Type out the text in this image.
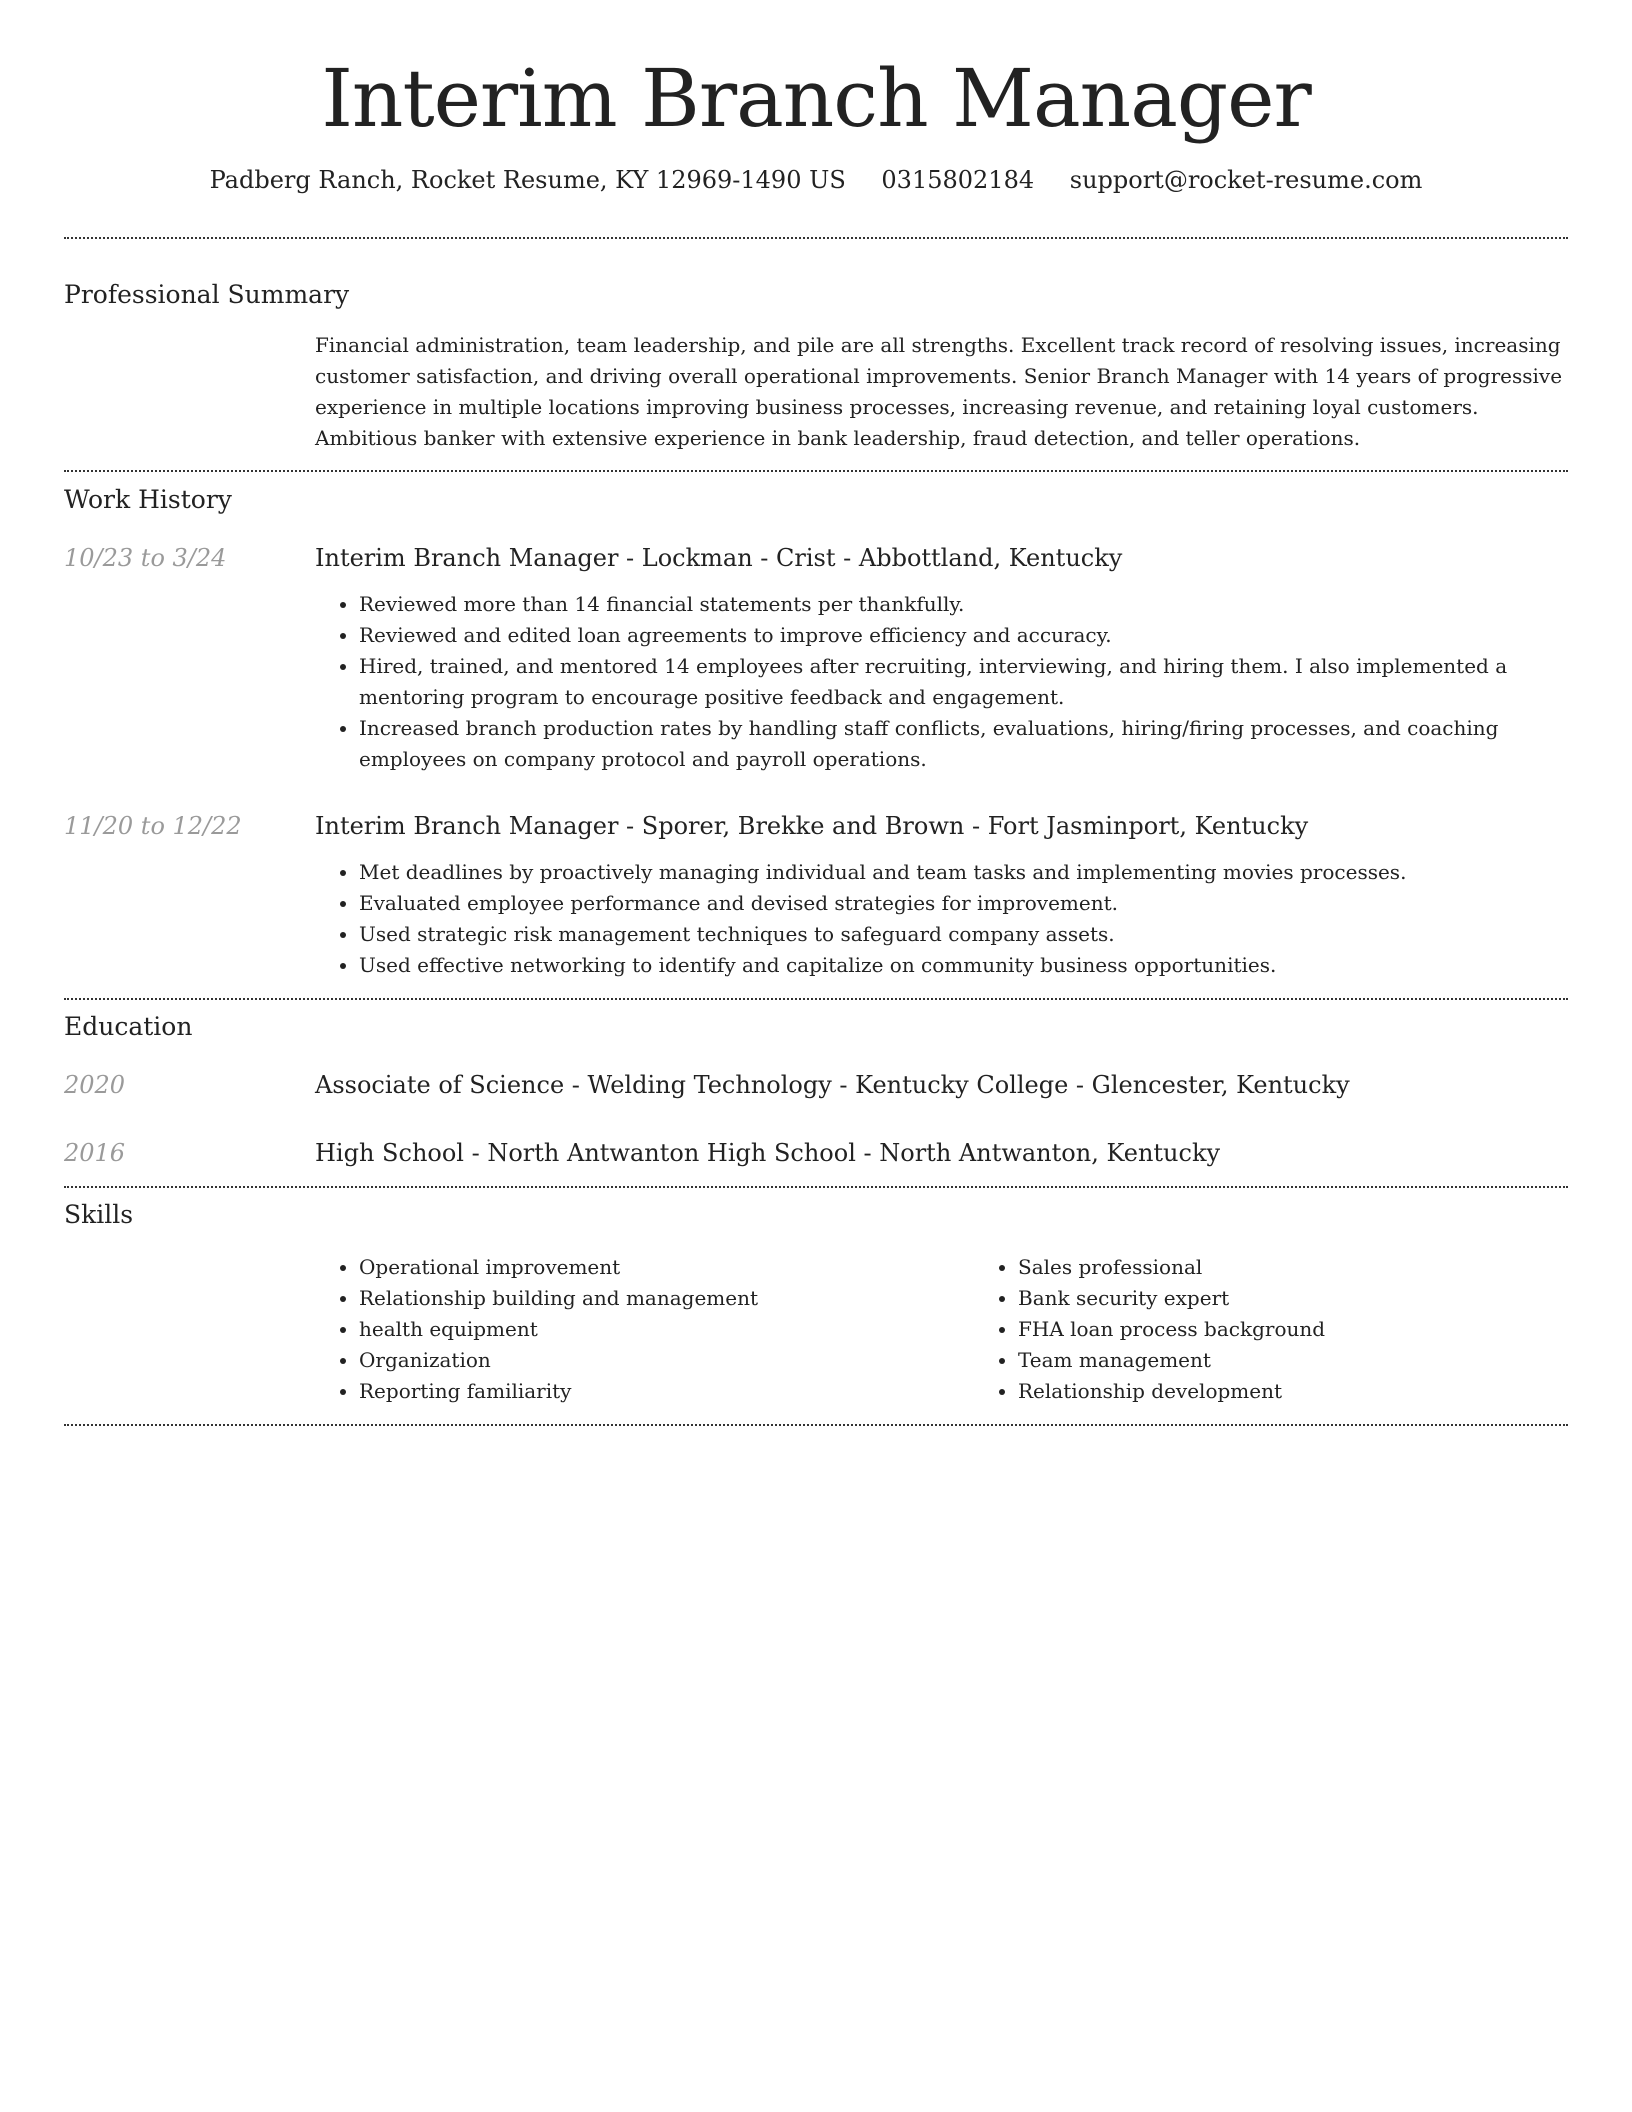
Interim Branch Manager
Padberg Ranch, Rocket Resume, KY 12969-1490 US 0315802184 support@rocket-resume.com
Professional Summary

Financial administration, team leadership, and pile are all strengths. Excellent track record of resolving issues, increasing customer satisfaction, and driving overall operational improvements. Senior Branch Manager with 14 years of progressive experience in multiple locations improving business processes, increasing revenue, and retaining loyal customers. Ambitious banker with extensive experience in bank leadership, fraud detection, and teller operations.

Work History
10/23 to 3/24	Interim Branch Manager - Lockman - Crist - Abbottland, Kentucky

• Reviewed more than 14 financial statements per thankfully.
• Reviewed and edited loan agreements to improve efficiency and accuracy.
• Hired, trained, and mentored 14 employees after recruiting, interviewing, and hiring them. I also implemented a mentoring program to encourage positive feedback and engagement.
• Increased branch production rates by handling staff conflicts, evaluations, hiring/firing processes, and coaching employees on company protocol and payroll operations.
11/20 to 12/22	Interim Branch Manager - Sporer, Brekke and Brown - Fort Jasminport, Kentucky

• Met deadlines by proactively managing individual and team tasks and implementing movies processes.
• Evaluated employee performance and devised strategies for improvement.
• Used strategic risk management techniques to safeguard company assets.
• Used effective networking to identify and capitalize on community business opportunities.
Education
2020	Associate of Science - Welding Technology - Kentucky College - Glencester, Kentucky

2016	High School - North Antwanton High School - North Antwanton, Kentucky

Skills
• Operational improvement
• Relationship building and management
• health equipment
• Organization
• Reporting familiarity
• Sales professional
• Bank security expert
• FHA loan process background
• Team management
• Relationship development
